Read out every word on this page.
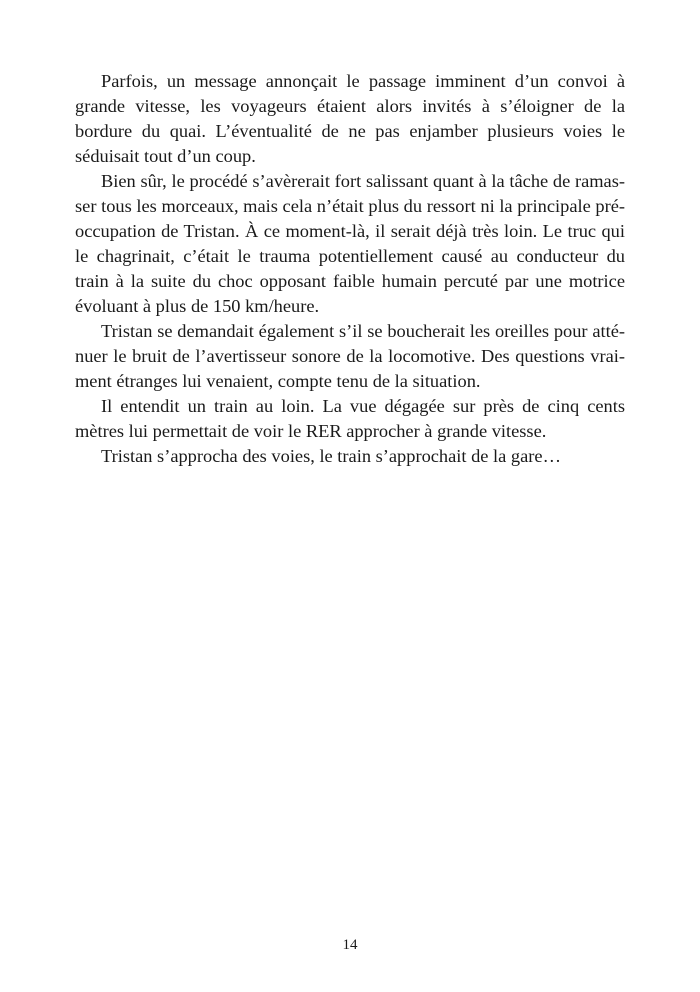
Parfois, un message annonçait le passage imminent d’un convoi à grande vitesse, les voyageurs étaient alors invités à s’éloigner de la bordure du quai. L’éventualité de ne pas enjamber plusieurs voies le séduisait tout d’un coup.

Bien sûr, le procédé s’avèrerait fort salissant quant à la tâche de ramasser tous les morceaux, mais cela n’était plus du ressort ni la principale préoccupation de Tristan. À ce moment-là, il serait déjà très loin. Le truc qui le chagrinait, c’était le trauma potentiellement causé au conducteur du train à la suite du choc opposant faible humain percuté par une motrice évoluant à plus de 150 km/heure.

Tristan se demandait également s’il se boucherait les oreilles pour atténuer le bruit de l’avertisseur sonore de la locomotive. Des questions vraiment étranges lui venaient, compte tenu de la situation.

Il entendit un train au loin. La vue dégagée sur près de cinq cents mètres lui permettait de voir le RER approcher à grande vitesse.

Tristan s’approcha des voies, le train s’approchait de la gare…

14
